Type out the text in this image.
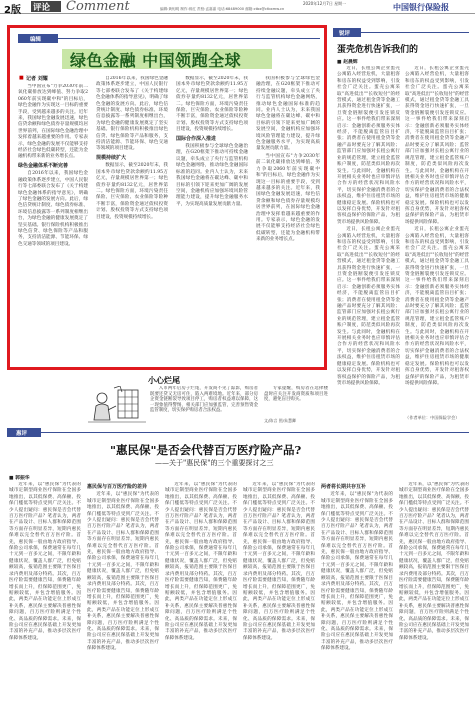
2版 评论 Comment	2020年12月7日 星期一
编辑:黄钥明 制作:蒋红 责校:孟嘉嘉 电话:68489000 邮箱:ctbx@ctbxmw.cn	中国银行保险报
编辑
绿色金融 中国领跑全球
■ 记者 刘耀

当中国宣布"力争2030年前二氧化碳排放达到峰值、努力争取2060年前实现碳中和"的目标后，绿色金融作为实现这一目标的重要手段，受到越来越多的关注。近年来，我国绿色金融发展迅速，绿色信贷余额和绿色债券存量规模均居世界前列，在国际绿色金融治理中发挥着越来越重要的作用。专家表示，绿色金融的发展不仅能够支持经济社会绿色低碳转型，还能为金融机构带来新的业务增长点。

绿色金融体系不断完善

自2016年以来，我国绿色金融政策体系逐步建立，中国人民银行等七部委联合发布了《关于构建绿色金融体系的指导意见》，明确了绿色金融的发展方向。此后，绿色信贷统计制度、绿色债券标准、环境信息披露等一系列制度相继出台，为绿色金融的健康发展奠定了坚实基础。银行保险机构积极推出绿色信贷、绿色保险等产品和服务，支持清洁能源、节能环保、绿色交通等领域的项目建设。

自2016年以来，我国绿色金融政策体系逐步建立，中国人民银行等七部委联合发布了《关于构建绿色金融体系的指导意见》，明确了绿色金融的发展方向。此后，绿色信贷统计制度、绿色债券标准、环境信息披露等一系列制度相继出台，为绿色金融的健康发展奠定了坚实基础。银行保险机构积极推出绿色信贷、绿色保险等产品和服务，支持清洁能源、节能环保、绿色交通等领域的项目建设。

规模持续扩大

数据显示，截至2020年末，我国本外币绿色贷款余额约11.95万亿元，存量规模居世界第一；绿色债券存量约8132亿元，居世界第二。绿色保险方面，环境污染责任保险、巨灾保险、农业保险等险种不断丰富，保险资金通过债权投资计划、股权投资等方式支持绿色项目建设，投资规模持续增长。

数据显示，截至2020年末，我国本外币绿色贷款余额约11.95万亿元，存量规模居世界第一；绿色债券存量约8132亿元，居世界第二。绿色保险方面，环境污染责任保险、巨灾保险、农业保险等险种不断丰富，保险资金通过债权投资计划、股权投资等方式支持绿色项目建设，投资规模持续增长。

国际合作深入推进

我国积极参与全球绿色金融治理，在G20框架下推动可持续金融议题，牵头成立了央行与监管机构绿色金融网络，推动绿色金融国际标准的趋同。业内人士认为，未来我国绿色金融将在碳达峰、碳中和目标的引领下迎来更加广阔的发展空间，金融机构应加强环境风险管理能力建设，提升绿色金融服务水平，为实现高质量发展贡献力量。

我国积极参与全球绿色金融治理，在G20框架下推动可持续金融议题，牵头成立了央行与监管机构绿色金融网络，推动绿色金融国际标准的趋同。业内人士认为，未来我国绿色金融将在碳达峰、碳中和目标的引领下迎来更加广阔的发展空间，金融机构应加强环境风险管理能力建设，提升绿色金融服务水平，为实现高质量发展贡献力量。

当中国宣布"力争2030年前二氧化碳排放达到峰值、努力争取2060年前实现碳中和"的目标后，绿色金融作为实现这一目标的重要手段，受到越来越多的关注。近年来，我国绿色金融发展迅速，绿色信贷余额和绿色债券存量规模均居世界前列，在国际绿色金融治理中发挥着越来越重要的作用。专家表示，绿色金融的发展不仅能够支持经济社会绿色低碳转型，还能为金融机构带来新的业务增长点。

锐评
蛋壳危机告诉我们的
■ 赵晨辉

近日，长租公寓企业蛋壳公寓陷入经营危机，大量租客和房东的权益受到影响，引发社会广泛关注。蛋壳公寓采取"高进低出""长收短付"的经营模式，通过租金贷等金融工具获得资金进行快速扩张，一旦资金链断裂便引发连锁反应。这一事件给我们带来深刻启示：金融创新必须服务实体经济，不能脱离监管盲目扩张；消费者在使用租金贷等金融产品时要充分了解其风险；监管部门应加强对长租公寓行业的规范管理，建立租金监管账户制度，防范类似风险再次发生。与此同时，金融机构在开展相关业务时也应审慎评估合作方的经营状况和风险水平，切实保护金融消费者的合法权益，维护住房租赁市场的健康稳定发展。保险机构也可以发挥自身优势，开发针对租客权益保护的保险产品，为租赁市场提供风险保障。

近日，长租公寓企业蛋壳公寓陷入经营危机，大量租客和房东的权益受到影响，引发社会广泛关注。蛋壳公寓采取"高进低出""长收短付"的经营模式，通过租金贷等金融工具获得资金进行快速扩张，一旦资金链断裂便引发连锁反应。这一事件给我们带来深刻启示：金融创新必须服务实体经济，不能脱离监管盲目扩张；消费者在使用租金贷等金融产品时要充分了解其风险；监管部门应加强对长租公寓行业的规范管理，建立租金监管账户制度，防范类似风险再次发生。与此同时，金融机构在开展相关业务时也应审慎评估合作方的经营状况和风险水平，切实保护金融消费者的合法权益，维护住房租赁市场的健康稳定发展。保险机构也可以发挥自身优势，开发针对租客权益保护的保险产品，为租赁市场提供风险保障。

近日，长租公寓企业蛋壳公寓陷入经营危机，大量租客和房东的权益受到影响，引发社会广泛关注。蛋壳公寓采取"高进低出""长收短付"的经营模式，通过租金贷等金融工具获得资金进行快速扩张，一旦资金链断裂便引发连锁反应。这一事件给我们带来深刻启示：金融创新必须服务实体经济，不能脱离监管盲目扩张；消费者在使用租金贷等金融产品时要充分了解其风险；监管部门应加强对长租公寓行业的规范管理，建立租金监管账户制度，防范类似风险再次发生。与此同时，金融机构在开展相关业务时也应审慎评估合作方的经营状况和风险水平，切实保护金融消费者的合法权益，维护住房租赁市场的健康稳定发展。保险机构也可以发挥自身优势，开发针对租客权益保护的保险产品，为租赁市场提供风险保障。

近日，长租公寓企业蛋壳公寓陷入经营危机，大量租客和房东的权益受到影响，引发社会广泛关注。蛋壳公寓采取"高进低出""长收短付"的经营模式，通过租金贷等金融工具获得资金进行快速扩张，一旦资金链断裂便引发连锁反应。这一事件给我们带来深刻启示：金融创新必须服务实体经济，不能脱离监管盲目扩张；消费者在使用租金贷等金融产品时要充分了解其风险；监管部门应加强对长租公寓行业的规范管理，建立租金监管账户制度，防范类似风险再次发生。与此同时，金融机构在开展相关业务时也应审慎评估合作方的经营状况和风险水平，切实保护金融消费者的合法权益，维护住房租赁市场的健康稳定发展。保险机构也可以发挥自身优势，开发针对租客权益保护的保险产品，为租赁市场提供风险保障。

（作者单位：中国保险学会）
小心烂尾

入市两年后房子烂尾，开发商不见了踪影，购房者既要还贷又无房可住，陷入两难境地。近年来，部分房企资金链断裂导致项目停工，购房者权益难以保障，这一现象值得警惕，相关部门应加强监管，完善预售资金监管制度，切实保护购房者合法权益。

专家提醒，购房者在选择楼盘时应关注开发商资质和项目进度，避免盲目购买。

文/陈言 图/朱慧卿
惠评
"惠民保"是否会代替百万医疗险产品?
——关于"惠民保"的三个重要探讨之三
■ 郭振华

近年来，以"惠民保"为代表的城市定制型商业医疗保险在全国多地推出，以其低保费、高保额、投保门槛低等特点受到广泛关注。不少人提出疑问：惠民保是否会代替百万医疗险产品？笔者认为，两者在产品设计、目标人群和保障范围等方面存在明显差异，短期内惠民保难以完全替代百万医疗险。首先，惠民保一般由地方政府指导、保险公司承保，保费通常在每年几十元到一百多元之间，不限年龄和健康状况，覆盖人群广泛，但免赔额较高，报销范围主要限于医保目录内费用及部分特药。其次，百万医疗险需要健康告知，保费随年龄增长而上升，但保障范围更广，免赔额较低，并包含增值服务。因此，两类产品在功能定位上形成互补关系，惠民保主要解决普惠性保障问题，百万医疗险则满足个性化、高品质的保障需求。未来，保险公司应在惠民保基础上开发更加丰富的补充产品，推动多层次医疗保障体系建设。

惠民保与百万医疗险的差异

近年来，以"惠民保"为代表的城市定制型商业医疗保险在全国多地推出，以其低保费、高保额、投保门槛低等特点受到广泛关注。不少人提出疑问：惠民保是否会代替百万医疗险产品？笔者认为，两者在产品设计、目标人群和保障范围等方面存在明显差异，短期内惠民保难以完全替代百万医疗险。首先，惠民保一般由地方政府指导、保险公司承保，保费通常在每年几十元到一百多元之间，不限年龄和健康状况，覆盖人群广泛，但免赔额较高，报销范围主要限于医保目录内费用及部分特药。其次，百万医疗险需要健康告知，保费随年龄增长而上升，但保障范围更广，免赔额较低，并包含增值服务。因此，两类产品在功能定位上形成互补关系，惠民保主要解决普惠性保障问题，百万医疗险则满足个性化、高品质的保障需求。未来，保险公司应在惠民保基础上开发更加丰富的补充产品，推动多层次医疗保障体系建设。

近年来，以"惠民保"为代表的城市定制型商业医疗保险在全国多地推出，以其低保费、高保额、投保门槛低等特点受到广泛关注。不少人提出疑问：惠民保是否会代替百万医疗险产品？笔者认为，两者在产品设计、目标人群和保障范围等方面存在明显差异，短期内惠民保难以完全替代百万医疗险。首先，惠民保一般由地方政府指导、保险公司承保，保费通常在每年几十元到一百多元之间，不限年龄和健康状况，覆盖人群广泛，但免赔额较高，报销范围主要限于医保目录内费用及部分特药。其次，百万医疗险需要健康告知，保费随年龄增长而上升，但保障范围更广，免赔额较低，并包含增值服务。因此，两类产品在功能定位上形成互补关系，惠民保主要解决普惠性保障问题，百万医疗险则满足个性化、高品质的保障需求。未来，保险公司应在惠民保基础上开发更加丰富的补充产品，推动多层次医疗保障体系建设。

近年来，以"惠民保"为代表的城市定制型商业医疗保险在全国多地推出，以其低保费、高保额、投保门槛低等特点受到广泛关注。不少人提出疑问：惠民保是否会代替百万医疗险产品？笔者认为，两者在产品设计、目标人群和保障范围等方面存在明显差异，短期内惠民保难以完全替代百万医疗险。首先，惠民保一般由地方政府指导、保险公司承保，保费通常在每年几十元到一百多元之间，不限年龄和健康状况，覆盖人群广泛，但免赔额较高，报销范围主要限于医保目录内费用及部分特药。其次，百万医疗险需要健康告知，保费随年龄增长而上升，但保障范围更广，免赔额较低，并包含增值服务。因此，两类产品在功能定位上形成互补关系，惠民保主要解决普惠性保障问题，百万医疗险则满足个性化、高品质的保障需求。未来，保险公司应在惠民保基础上开发更加丰富的补充产品，推动多层次医疗保障体系建设。

两者将长期共存互补

近年来，以"惠民保"为代表的城市定制型商业医疗保险在全国多地推出，以其低保费、高保额、投保门槛低等特点受到广泛关注。不少人提出疑问：惠民保是否会代替百万医疗险产品？笔者认为，两者在产品设计、目标人群和保障范围等方面存在明显差异，短期内惠民保难以完全替代百万医疗险。首先，惠民保一般由地方政府指导、保险公司承保，保费通常在每年几十元到一百多元之间，不限年龄和健康状况，覆盖人群广泛，但免赔额较高，报销范围主要限于医保目录内费用及部分特药。其次，百万医疗险需要健康告知，保费随年龄增长而上升，但保障范围更广，免赔额较低，并包含增值服务。因此，两类产品在功能定位上形成互补关系，惠民保主要解决普惠性保障问题，百万医疗险则满足个性化、高品质的保障需求。未来，保险公司应在惠民保基础上开发更加丰富的补充产品，推动多层次医疗保障体系建设。

近年来，以"惠民保"为代表的城市定制型商业医疗保险在全国多地推出，以其低保费、高保额、投保门槛低等特点受到广泛关注。不少人提出疑问：惠民保是否会代替百万医疗险产品？笔者认为，两者在产品设计、目标人群和保障范围等方面存在明显差异，短期内惠民保难以完全替代百万医疗险。首先，惠民保一般由地方政府指导、保险公司承保，保费通常在每年几十元到一百多元之间，不限年龄和健康状况，覆盖人群广泛，但免赔额较高，报销范围主要限于医保目录内费用及部分特药。其次，百万医疗险需要健康告知，保费随年龄增长而上升，但保障范围更广，免赔额较低，并包含增值服务。因此，两类产品在功能定位上形成互补关系，惠民保主要解决普惠性保障问题，百万医疗险则满足个性化、高品质的保障需求。未来，保险公司应在惠民保基础上开发更加丰富的补充产品，推动多层次医疗保障体系建设。
